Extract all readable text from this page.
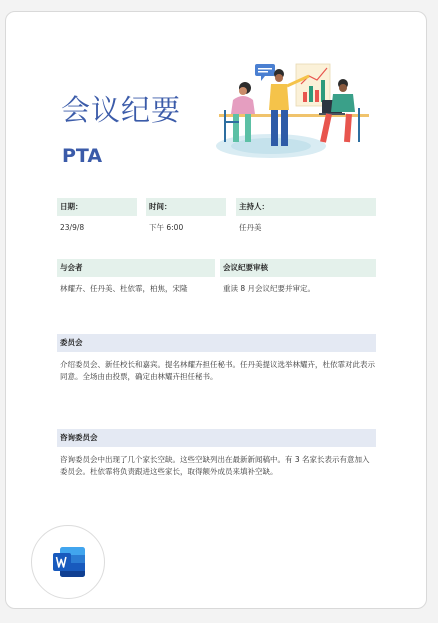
会议纪要
PTA
日期：
23/9/8
时间：
下午 6:00
主持人：
任丹美
与会者
林耀卉、任丹美、杜依霏，柏焦，宋隆
会议纪要审核
重读 8 月会议纪要并审定。
委员会
介绍委员会、新任校长和嘉宾。提名林耀卉担任秘书。任丹美提议选举林耀卉，杜依霏对此表示同意。全场由由投票，确定由林耀卉担任秘书。
咨询委员会
咨询委员会中出现了几个家长空缺。这些空缺列出在最新新闻稿中。有 3 名家长表示有意加入委员会。杜依霏将负责跟进这些家长，取得额外成员来填补空缺。
